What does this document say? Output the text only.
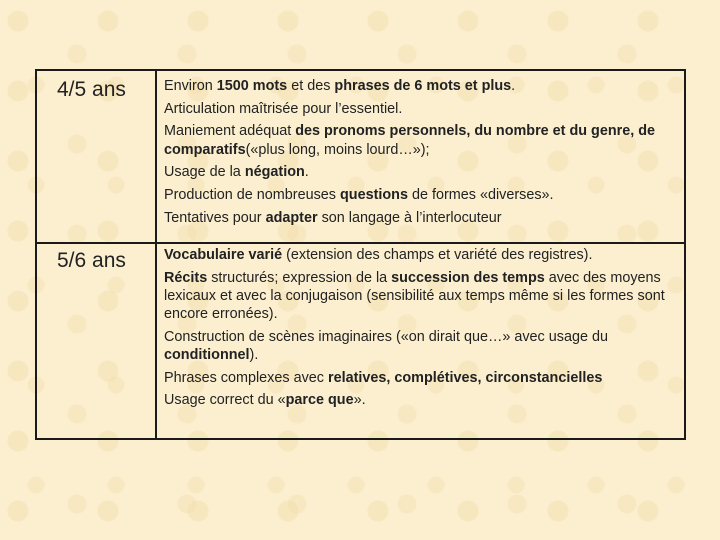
4/5 ans	Environ 1500 mots et des phrases de 6 mots et plus.
Articulation maîtrisée pour l’essentiel.
Maniement adéquat des pronoms personnels, du nombre et du genre, de comparatifs(«plus long, moins lourd…»);
Usage de la négation.
Production de nombreuses questions de formes «diverses».
Tentatives pour adapter son langage à l’interlocuteur
5/6 ans	Vocabulaire varié (extension des champs et variété des registres).
Récits structurés; expression de la succession des temps avec des moyens lexicaux et avec la conjugaison (sensibilité aux temps même si les formes sont encore erronées).
Construction de scènes imaginaires («on dirait que…» avec usage du conditionnel).
Phrases complexes avec relatives, complétives, circonstancielles
Usage correct du «parce que».
